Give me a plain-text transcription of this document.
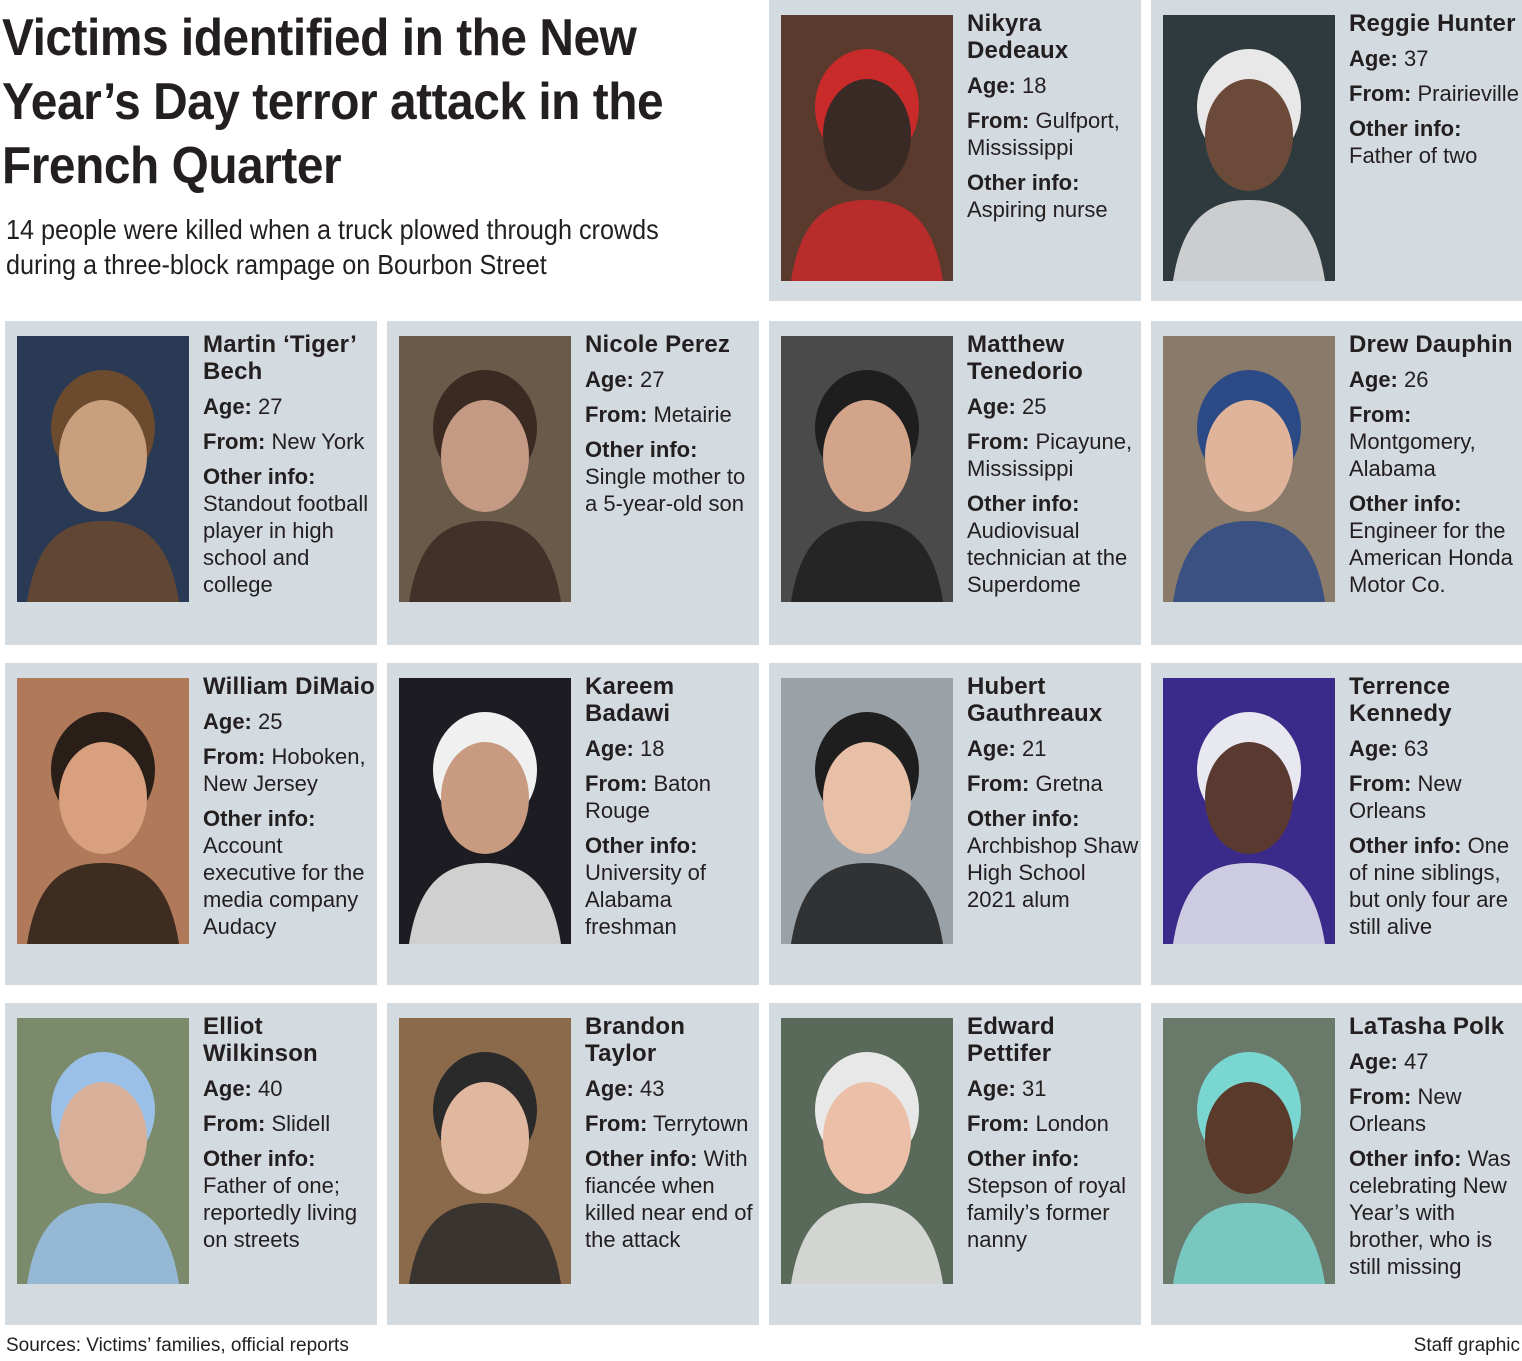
Victims identified in the New Year’s Day terror attack in the French Quarter
14 people were killed when a truck plowed through crowds during a three-block rampage on Bourbon Street
Nikyra Dedeaux
Age: 18
From: Gulfport, Mississippi
Other info: Aspiring nurse
Reggie Hunter
Age: 37
From: Prairieville
Other info: Father of two
Martin ‘Tiger’ Bech
Age: 27
From: New York
Other info: Standout football player in high school and college
Nicole Perez
Age: 27
From: Metairie
Other info: Single mother to a 5-year-old son
Matthew Tenedorio
Age: 25
From: Picayune, Mississippi
Other info: Audiovisual technician at the Superdome
Drew Dauphin
Age: 26
From: Montgomery, Alabama
Other info: Engineer for the American Honda Motor Co.
William DiMaio
Age: 25
From: Hoboken, New Jersey
Other info: Account executive for the media company Audacy
Kareem Badawi
Age: 18
From: Baton Rouge
Other info: University of Alabama freshman
Hubert Gauthreaux
Age: 21
From: Gretna
Other info: Archbishop Shaw High School 2021 alum
Terrence Kennedy
Age: 63
From: New Orleans
Other info: One of nine siblings, but only four are still alive
Elliot Wilkinson
Age: 40
From: Slidell
Other info: Father of one; reportedly living on streets
Brandon Taylor
Age: 43
From: Terrytown
Other info: With fiancée when killed near end of the attack
Edward Pettifer
Age: 31
From: London
Other info: Stepson of royal family’s former nanny
LaTasha Polk
Age: 47
From: New Orleans
Other info: Was celebrating New Year’s with brother, who is still missing
Sources: Victims’ families, official reports	Staff graphic
